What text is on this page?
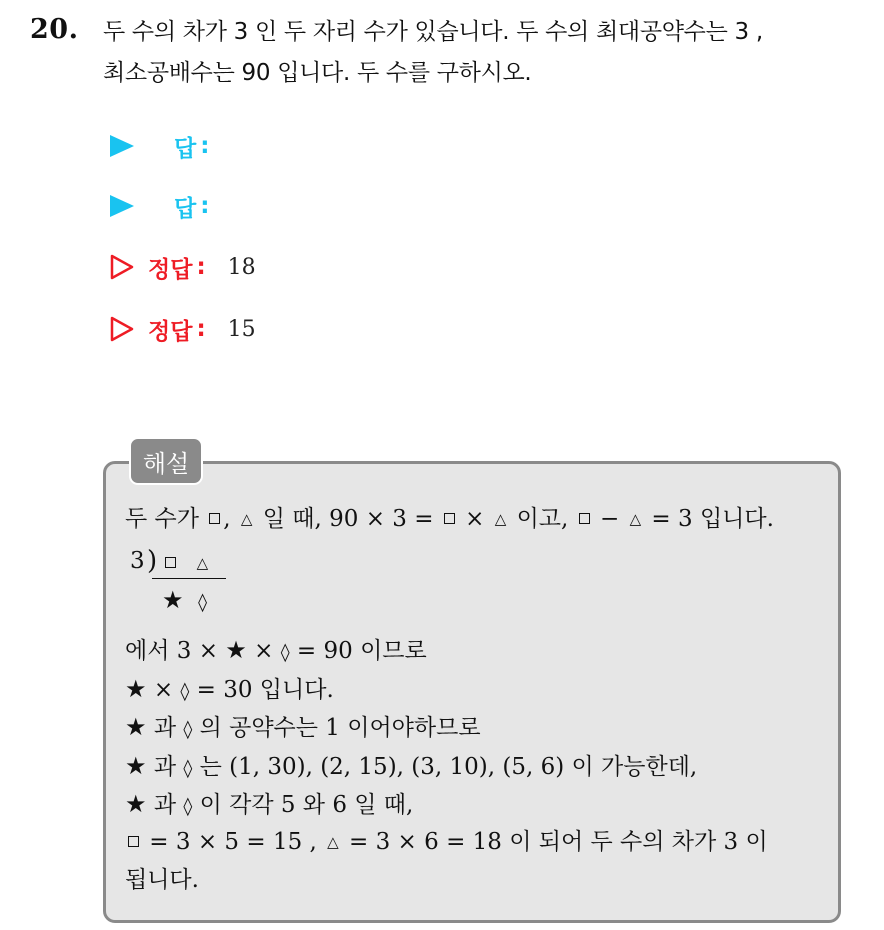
20. 두 수의 차가 3 인 두 자리 수가 있습니다. 두 수의 최대공약수는 3 ,
최소공배수는 90 입니다. 두 수를 구하시오.
답 :
답 :
정답 : 18
정답 : 15
해설
두 수가 , △ 일 때, 90 × 3 =  × △ 이고,  − △ = 3 입니다.
3 )	△
★ ◊
에서 3 × ★ × ◊ = 90 이므로
★ × ◊ = 30 입니다.
★ 과 ◊ 의 공약수는 1 이어야하므로
★ 과 ◊ 는 (1, 30), (2, 15), (3, 10), (5, 6) 이 가능한데,
★ 과 ◊ 이 각각 5 와 6 일 때,
= 3 × 5 = 15 , △ = 3 × 6 = 18 이 되어 두 수의 차가 3 이
됩니다.
